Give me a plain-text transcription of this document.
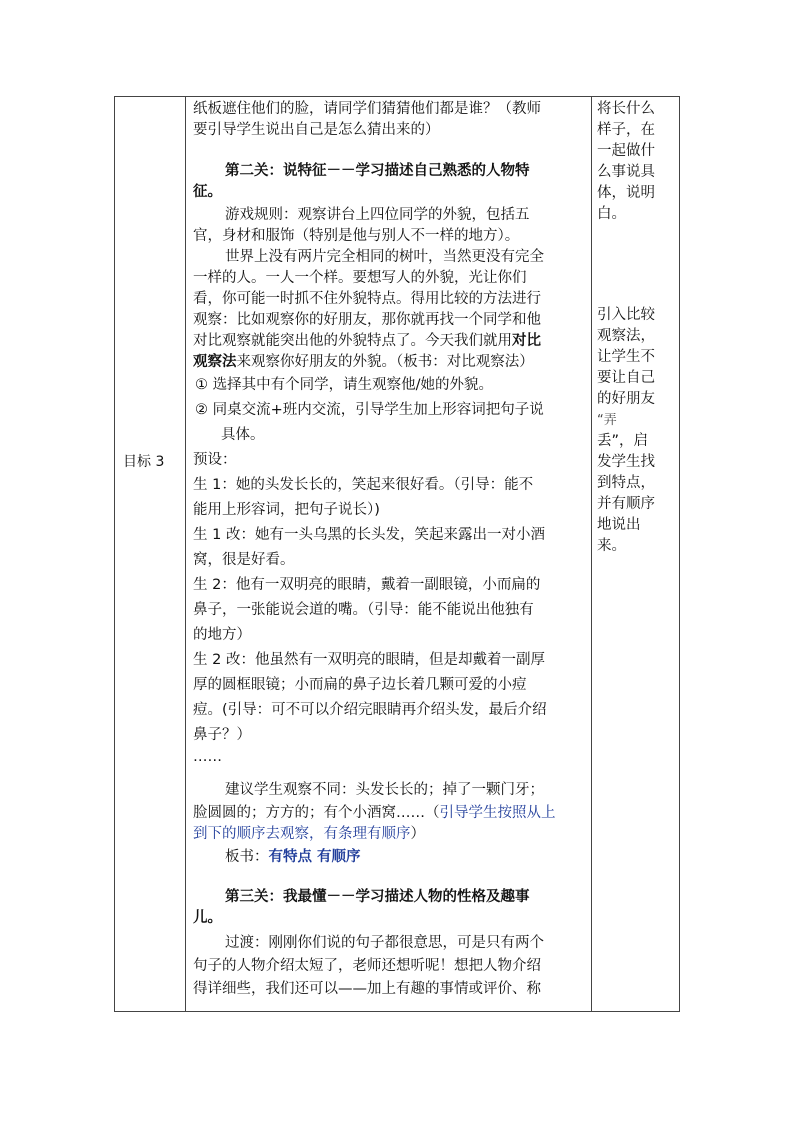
目标 3
纸板遮住他们的脸，请同学们猜猜他们都是谁？（教师
要引导学生说出自己是怎么猜出来的）
第二关：说特征－－学习描述自己熟悉的人物特
征。
游戏规则：观察讲台上四位同学的外貌，包括五
官，身材和服饰（特别是他与别人不一样的地方）。
世界上没有两片完全相同的树叶，当然更没有完全
一样的人。一人一个样。要想写人的外貌，光让你们
看，你可能一时抓不住外貌特点。得用比较的方法进行
观察：比如观察你的好朋友，那你就再找一个同学和他
对比观察就能突出他的外貌特点了。今天我们就用对比
观察法来观察你好朋友的外貌。（板书：对比观察法）
① 选择其中有个同学，请生观察他/她的外貌。
② 同桌交流+班内交流，引导学生加上形容词把句子说
具体。
预设：
生 1：她的头发长长的，笑起来很好看。（引导：能不
能用上形容词，把句子说长）)
生 1 改：她有一头乌黑的长头发，笑起来露出一对小酒
窝，很是好看。
生 2：他有一双明亮的眼睛，戴着一副眼镜，小而扁的
鼻子，一张能说会道的嘴。（引导：能不能说出他独有
的地方）
生 2 改：他虽然有一双明亮的眼睛，但是却戴着一副厚
厚的圆框眼镜；小而扁的鼻子边长着几颗可爱的小痘
痘。(引导：可不可以介绍完眼睛再介绍头发，最后介绍
鼻子？）
……
建议学生观察不同：头发长长的；掉了一颗门牙；
脸圆圆的；方方的；有个小酒窝……（引导学生按照从上
到下的顺序去观察，有条理有顺序）
板书：有特点 有顺序
第三关：我最懂－－学习描述人物的性格及趣事
儿。
过渡：刚刚你们说的句子都很意思，可是只有两个
句子的人物介绍太短了，老师还想听呢！想把人物介绍
得详细些，我们还可以——加上有趣的事情或评价、称
将长什么
样子，在
一起做什
么事说具
体，说明
白。
引入比较
观察法，
让学生不
要让自己
的好朋友
“弄
丢”，启
发学生找
到特点，
并有顺序
地说出
来。
